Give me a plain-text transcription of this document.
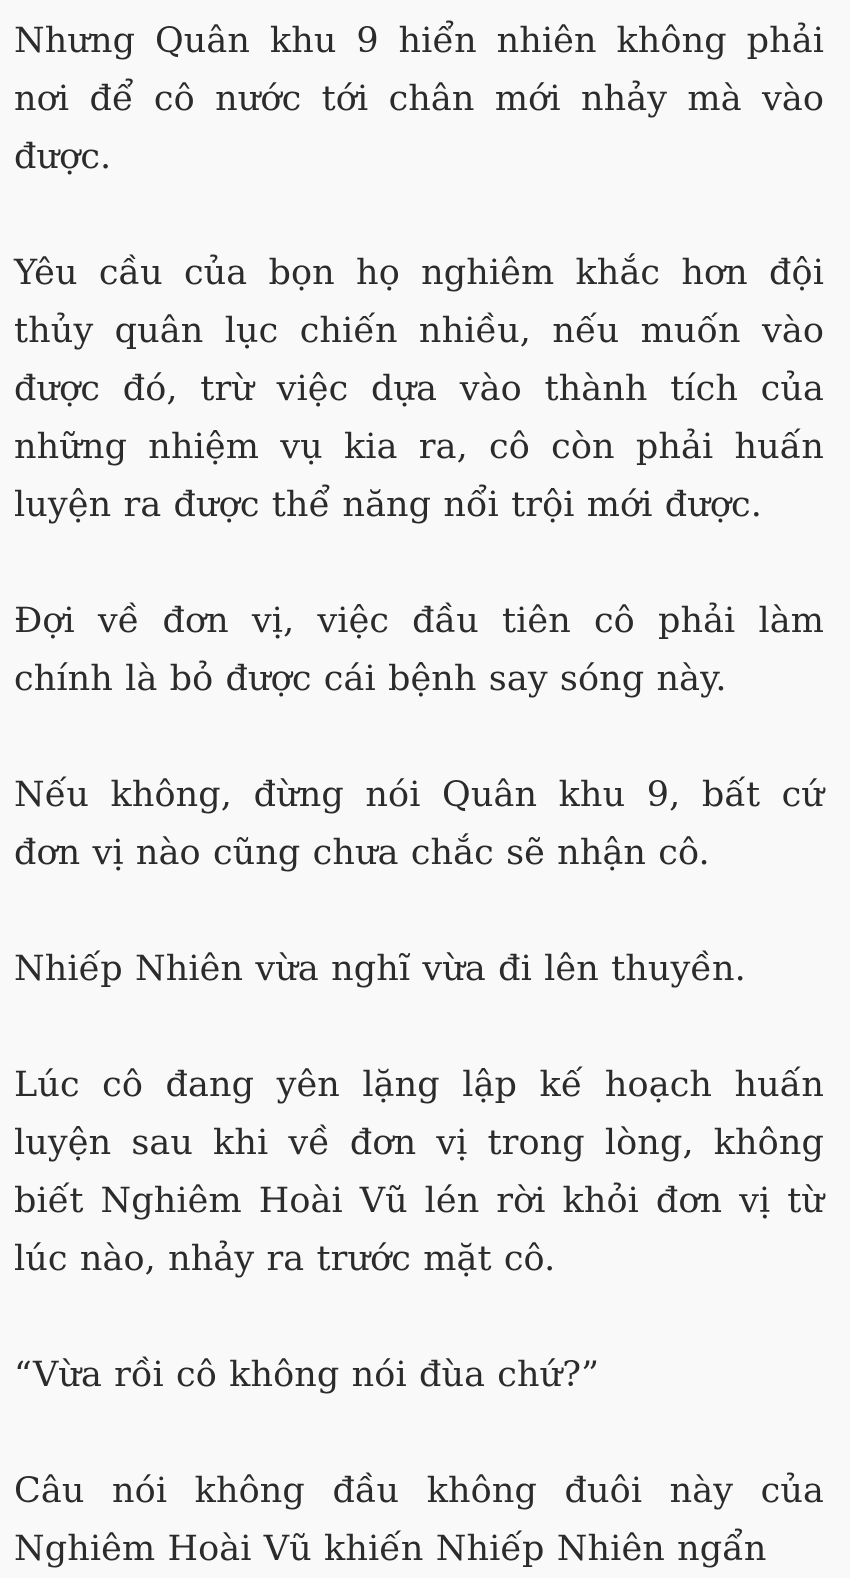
Nhưng Quân khu 9 hiển nhiên không phải nơi để cô nước tới chân mới nhảy mà vào được.

Yêu cầu của bọn họ nghiêm khắc hơn đội thủy quân lục chiến nhiều, nếu muốn vào được đó, trừ việc dựa vào thành tích của những nhiệm vụ kia ra, cô còn phải huấn luyện ra được thể năng nổi trội mới được.

Đợi về đơn vị, việc đầu tiên cô phải làm chính là bỏ được cái bệnh say sóng này.

Nếu không, đừng nói Quân khu 9, bất cứ đơn vị nào cũng chưa chắc sẽ nhận cô.

Nhiếp Nhiên vừa nghĩ vừa đi lên thuyền.

Lúc cô đang yên lặng lập kế hoạch huấn luyện sau khi về đơn vị trong lòng, không biết Nghiêm Hoài Vũ lén rời khỏi đơn vị từ lúc nào, nhảy ra trước mặt cô.

“Vừa rồi cô không nói đùa chứ?”

Câu nói không đầu không đuôi này của Nghiêm Hoài Vũ khiến Nhiếp Nhiên ngẩn
